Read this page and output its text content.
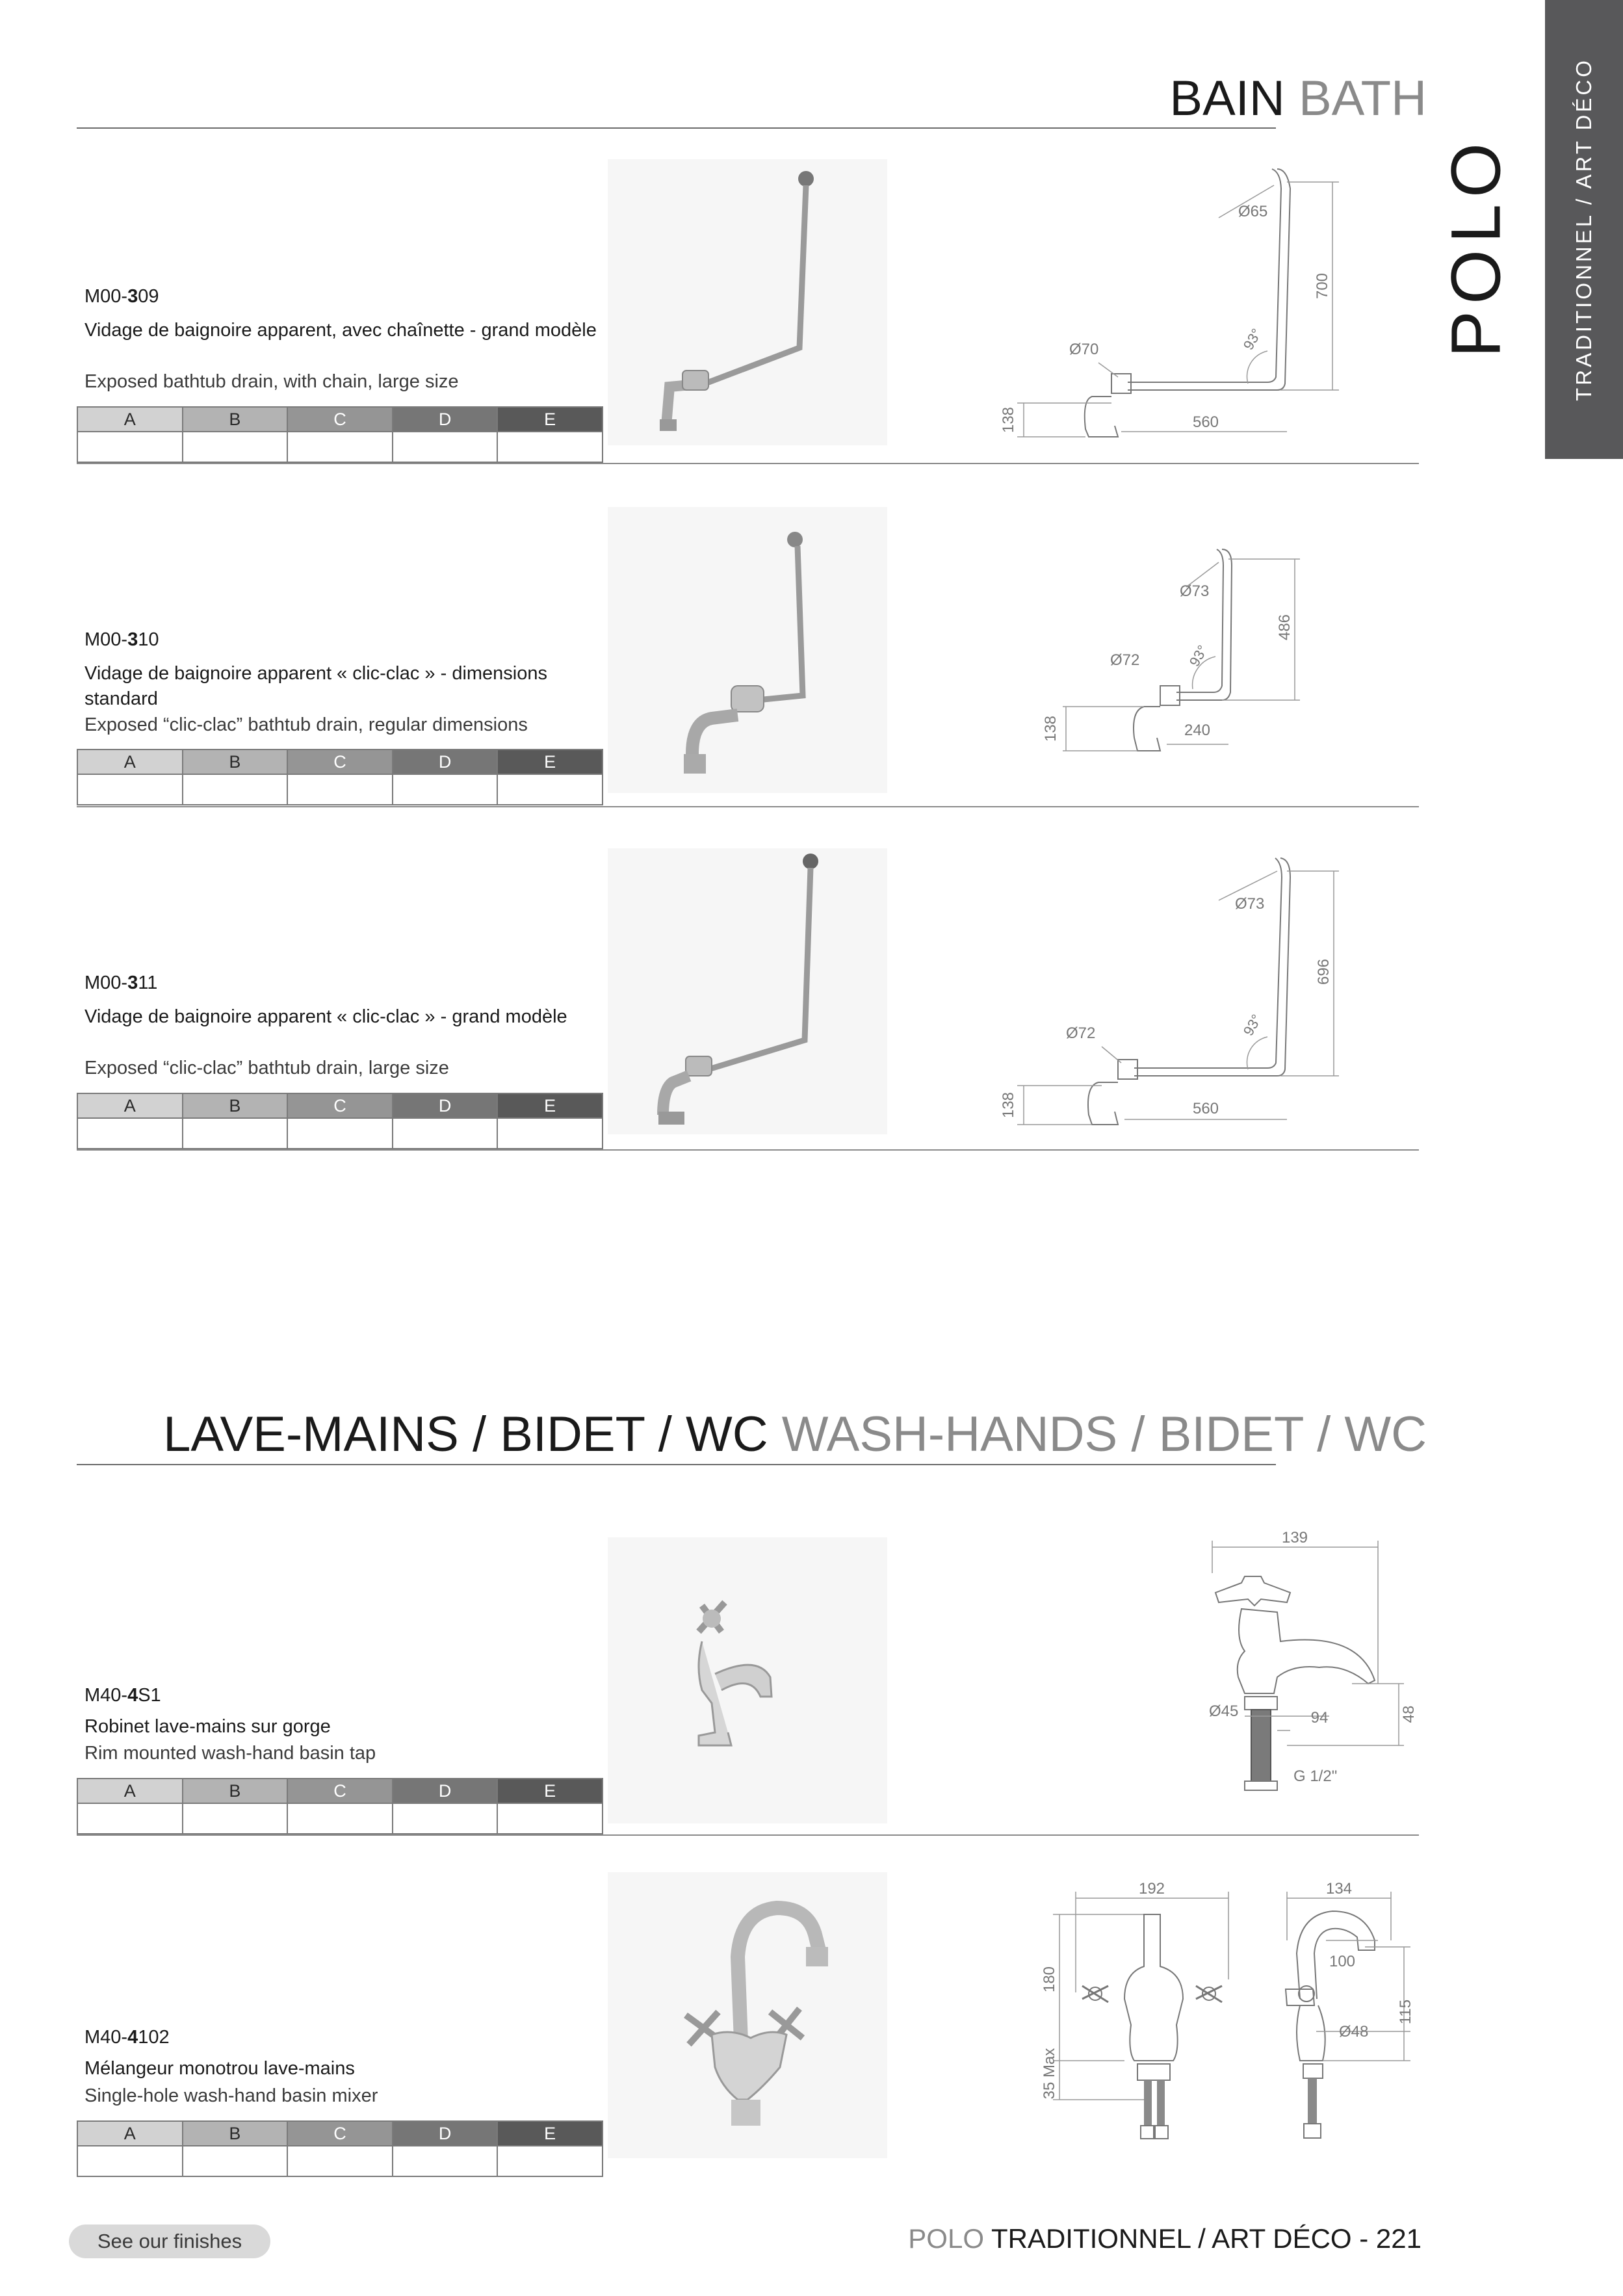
TRADITIONNEL / ART DÉCO
POLO
BAIN BATH
M00-309
Vidage de baignoire apparent, avec chaînette - grand modèle
Exposed bathtub drain, with chain, large size
A	B	C	D	E

Ø65
700
93°
Ø70
138	560
M00-310
Vidage de baignoire apparent « clic-clac » - dimensions standard
Exposed “clic-clac” bathtub drain, regular dimensions
A	B	C	D	E

Ø73
486
93°
Ø72
138	240
M00-311
Vidage de baignoire apparent « clic-clac » - grand modèle
Exposed “clic-clac” bathtub drain, large size
A	B	C	D	E

Ø73
696
93°
Ø72
138	560
LAVE-MAINS / BIDET / WC WASH-HANDS / BIDET / WC
M40-4S1
Robinet lave-mains sur gorge
Rim mounted wash-hand basin tap
A	B	C	D	E

139
Ø45	94	48
G 1/2"
M40-4102
Mélangeur monotrou lave-mains
Single-hole wash-hand basin mixer
A	B	C	D	E

192
180
35 Max
134
100
115
Ø48
See our finishes	POLO TRADITIONNEL / ART DÉCO - 221
